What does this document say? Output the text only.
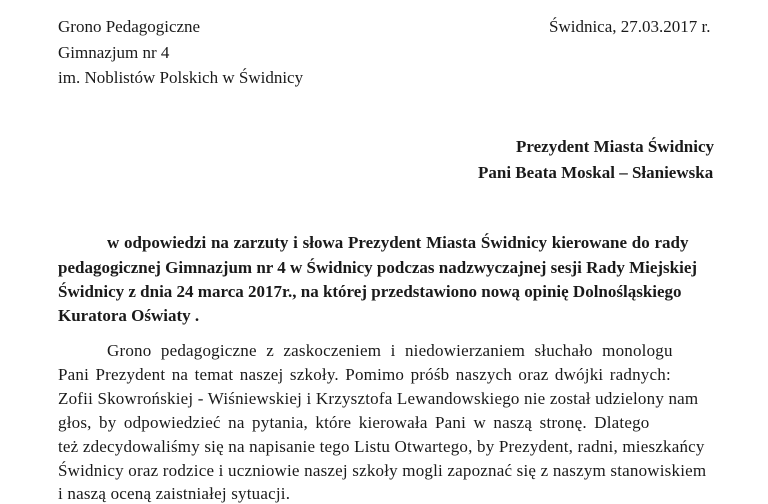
Grono Pedagogiczne
Gimnazjum nr 4
im. Noblistów Polskich w Świdnicy
Świdnica, 27.03.2017 r.
Prezydent Miasta Świdnicy
Pani Beata Moskal – Słaniewska
w odpowiedzi na zarzuty i słowa Prezydent Miasta Świdnicy kierowane do rady
pedagogicznej Gimnazjum nr 4 w Świdnicy podczas nadzwyczajnej sesji Rady Miejskiej
Świdnicy z dnia 24 marca 2017r., na której przedstawiono nową opinię Dolnośląskiego
Kuratora Oświaty .
Grono pedagogiczne z zaskoczeniem i niedowierzaniem słuchało monologu
Pani Prezydent na temat naszej szkoły. Pomimo próśb naszych oraz dwójki radnych:
Zofii Skowrońskiej - Wiśniewskiej i Krzysztofa Lewandowskiego nie został udzielony nam
głos, by odpowiedzieć na pytania, które kierowała Pani w naszą stronę. Dlatego
też zdecydowaliśmy się na napisanie tego Listu Otwartego, by Prezydent, radni, mieszkańcy
Świdnicy oraz rodzice i uczniowie naszej szkoły mogli zapoznać się z naszym stanowiskiem
i naszą oceną zaistniałej sytuacji.
